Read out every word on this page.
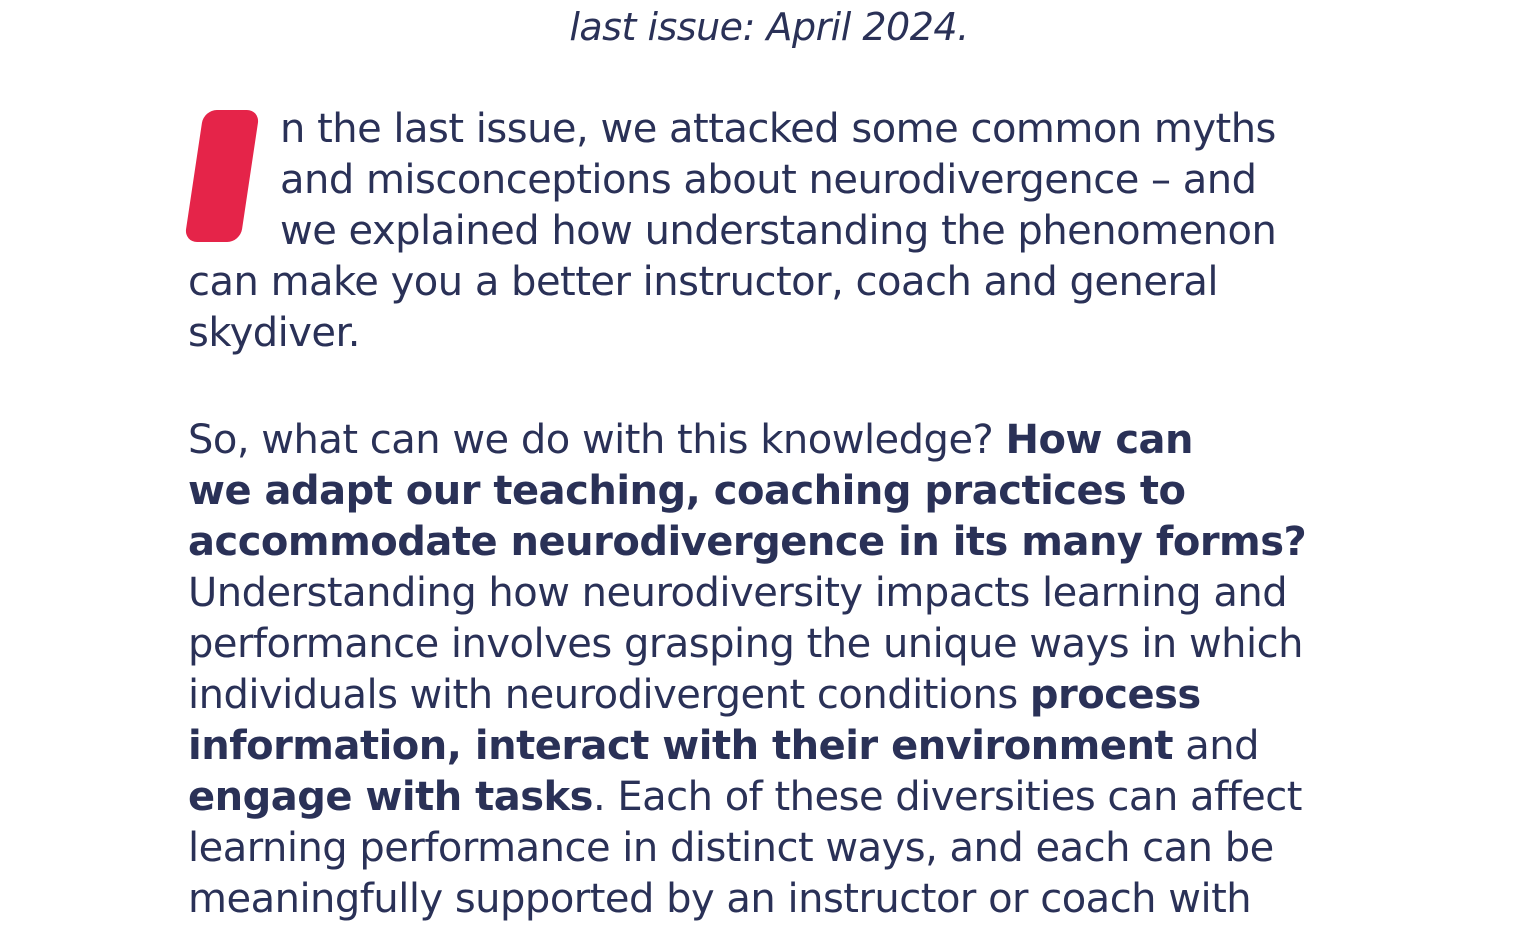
last issue: April 2024.

n the last issue, we attacked some common myths
and misconceptions about neurodivergence – and
we explained how understanding the phenomenon
can make you a better instructor, coach and general
skydiver.
So, what can we do with this knowledge? How can
we adapt our teaching, coaching practices to
accommodate neurodivergence in its many forms?
Understanding how neurodiversity impacts learning and
performance involves grasping the unique ways in which
individuals with neurodivergent conditions process
information, interact with their environment and
engage with tasks. Each of these diversities can affect
learning performance in distinct ways, and each can be
meaningfully supported by an instructor or coach with
